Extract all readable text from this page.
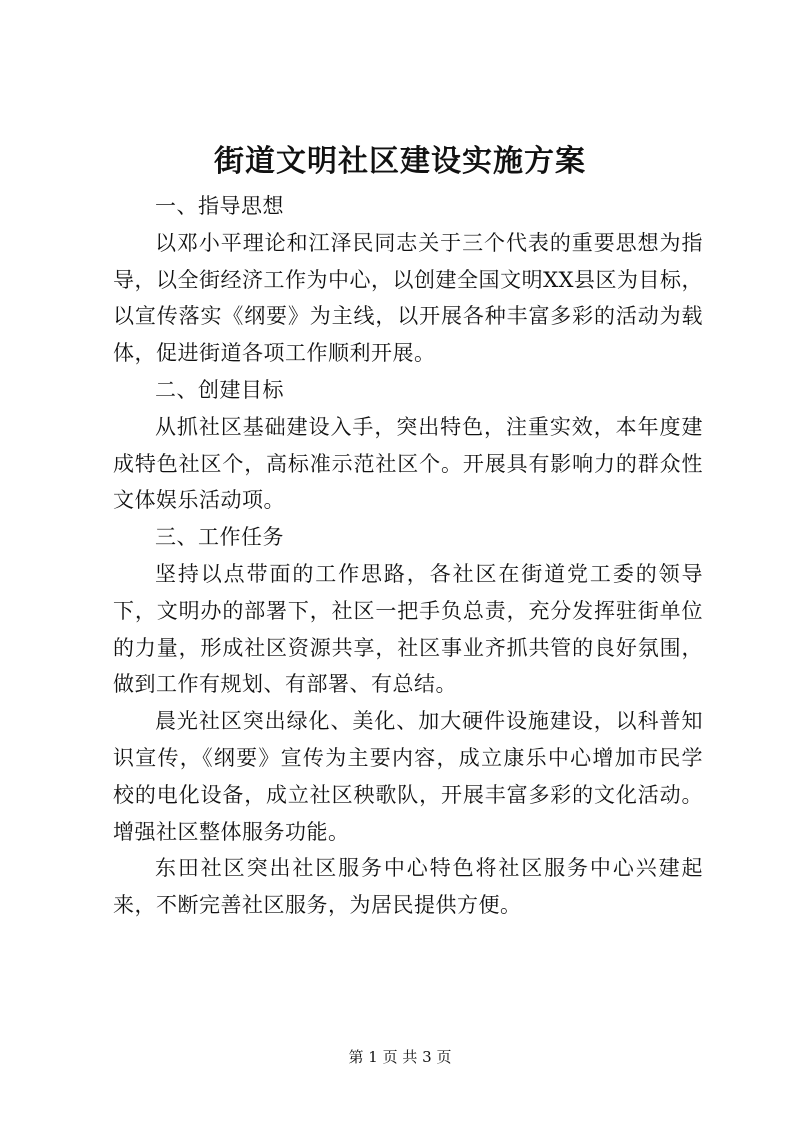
街道文明社区建设实施方案

一、指导思想

以邓小平理论和江泽民同志关于三个代表的重要思想为指导，以全街经济工作为中心，以创建全国文明XX县区为目标，以宣传落实《纲要》为主线，以开展各种丰富多彩的活动为载体，促进街道各项工作顺利开展。

二、创建目标

从抓社区基础建设入手，突出特色，注重实效，本年度建成特色社区个，高标准示范社区个。开展具有影响力的群众性文体娱乐活动项。

三、工作任务

坚持以点带面的工作思路，各社区在街道党工委的领导下，文明办的部署下，社区一把手负总责，充分发挥驻街单位的力量，形成社区资源共享，社区事业齐抓共管的良好氛围，做到工作有规划、有部署、有总结。

晨光社区突出绿化、美化、加大硬件设施建设，以科普知识宣传，《纲要》宣传为主要内容，成立康乐中心增加市民学校的电化设备，成立社区秧歌队，开展丰富多彩的文化活动。增强社区整体服务功能。

东田社区突出社区服务中心特色将社区服务中心兴建起来，不断完善社区服务，为居民提供方便。

第 1 页 共 3 页
